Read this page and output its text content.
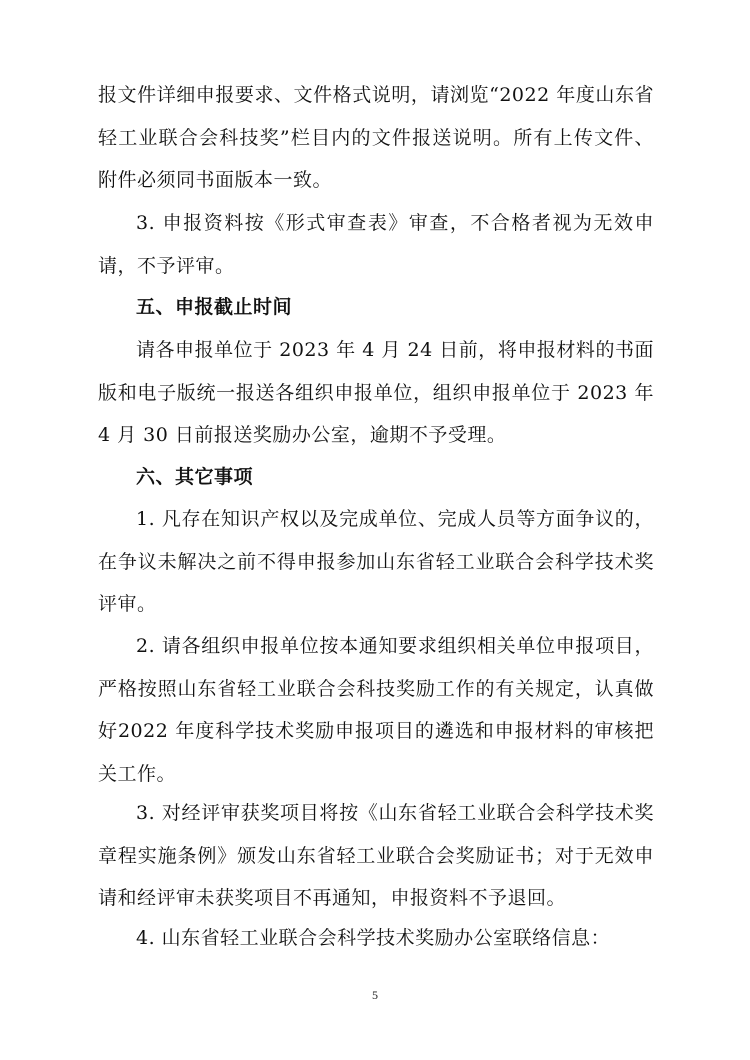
报文件详细申报要求、文件格式说明，请浏览“2022 年度山东省轻工业联合会科技奖”栏目内的文件报送说明。所有上传文件、附件必须同书面版本一致。

3. 申报资料按《形式审查表》审查，不合格者视为无效申请，不予评审。

五、申报截止时间

请各申报单位于 2023 年 4 月 24 日前，将申报材料的书面版和电子版统一报送各组织申报单位，组织申报单位于 2023 年 4 月 30 日前报送奖励办公室，逾期不予受理。

六、其它事项

1. 凡存在知识产权以及完成单位、完成人员等方面争议的，在争议未解决之前不得申报参加山东省轻工业联合会科学技术奖评审。

2. 请各组织申报单位按本通知要求组织相关单位申报项目，严格按照山东省轻工业联合会科技奖励工作的有关规定，认真做好2022 年度科学技术奖励申报项目的遴选和申报材料的审核把关工作。

3. 对经评审获奖项目将按《山东省轻工业联合会科学技术奖章程实施条例》颁发山东省轻工业联合会奖励证书；对于无效申请和经评审未获奖项目不再通知，申报资料不予退回。

4. 山东省轻工业联合会科学技术奖励办公室联络信息：

5
